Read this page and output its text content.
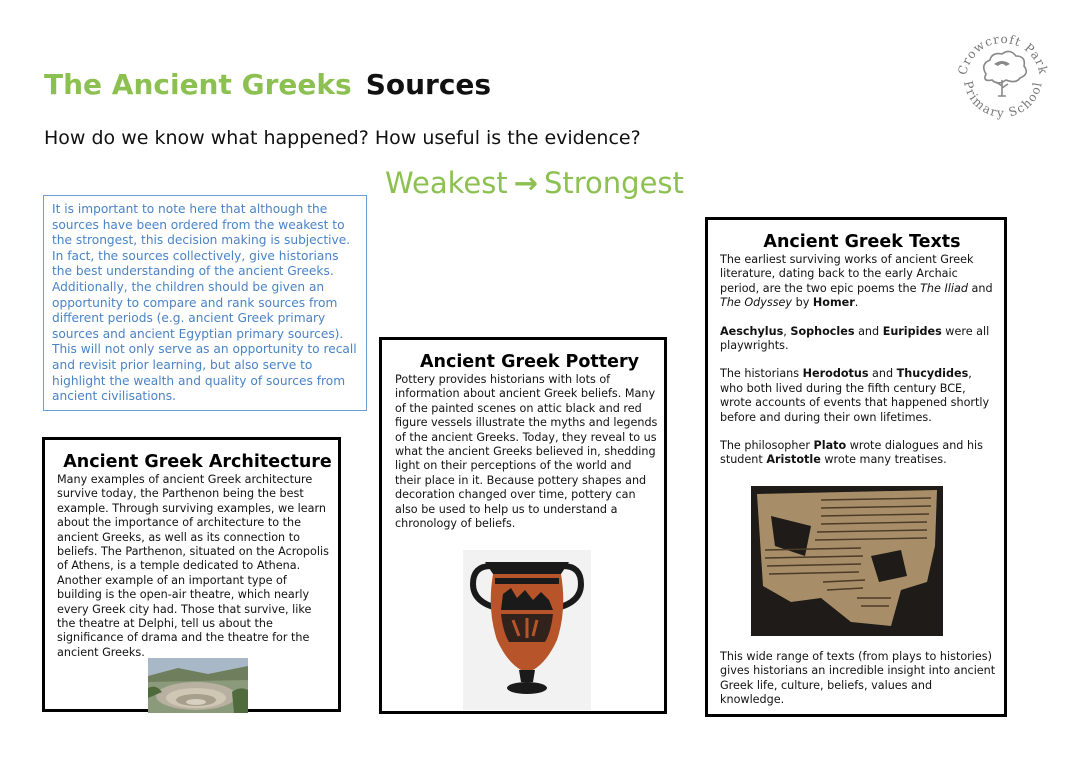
The Ancient Greeks Sources
How do we know what happened? How useful is the evidence?
Weakest → Strongest
It is important to note here that although the sources have been ordered from the weakest to the strongest, this decision making is subjective. In fact, the sources collectively, give historians the best understanding of the ancient Greeks. Additionally, the children should be given an opportunity to compare and rank sources from different periods (e.g. ancient Greek primary sources and ancient Egyptian primary sources). This will not only serve as an opportunity to recall and revisit prior learning, but also serve to highlight the wealth and quality of sources from ancient civilisations.
Ancient Greek Architecture

Many examples of ancient Greek architecture survive today, the Parthenon being the best example. Through surviving examples, we learn about the importance of architecture to the ancient Greeks, as well as its connection to beliefs. The Parthenon, situated on the Acropolis of Athens, is a temple dedicated to Athena. Another example of an important type of building is the open-air theatre, which nearly every Greek city had. Those that survive, like the theatre at Delphi, tell us about the significance of drama and the theatre for the ancient Greeks.

Ancient Greek Pottery

Pottery provides historians with lots of information about ancient Greek beliefs. Many of the painted scenes on attic black and red figure vessels illustrate the myths and legends of the ancient Greeks. Today, they reveal to us what the ancient Greeks believed in, shedding light on their perceptions of the world and their place in it. Because pottery shapes and decoration changed over time, pottery can also be used to help us to understand a chronology of beliefs.

Ancient Greek Texts

The earliest surviving works of ancient Greek literature, dating back to the early Archaic period, are the two epic poems the The Iliad and The Odyssey by Homer.

Aeschylus, Sophocles and Euripides were all playwrights.

The historians Herodotus and Thucydides, who both lived during the fifth century BCE, wrote accounts of events that happened shortly before and during their own lifetimes.

The philosopher Plato wrote dialogues and his student Aristotle wrote many treatises.

This wide range of texts (from plays to histories) gives historians an incredible insight into ancient Greek life, culture, beliefs, values and knowledge.

Crowcroft Park
Primary School
